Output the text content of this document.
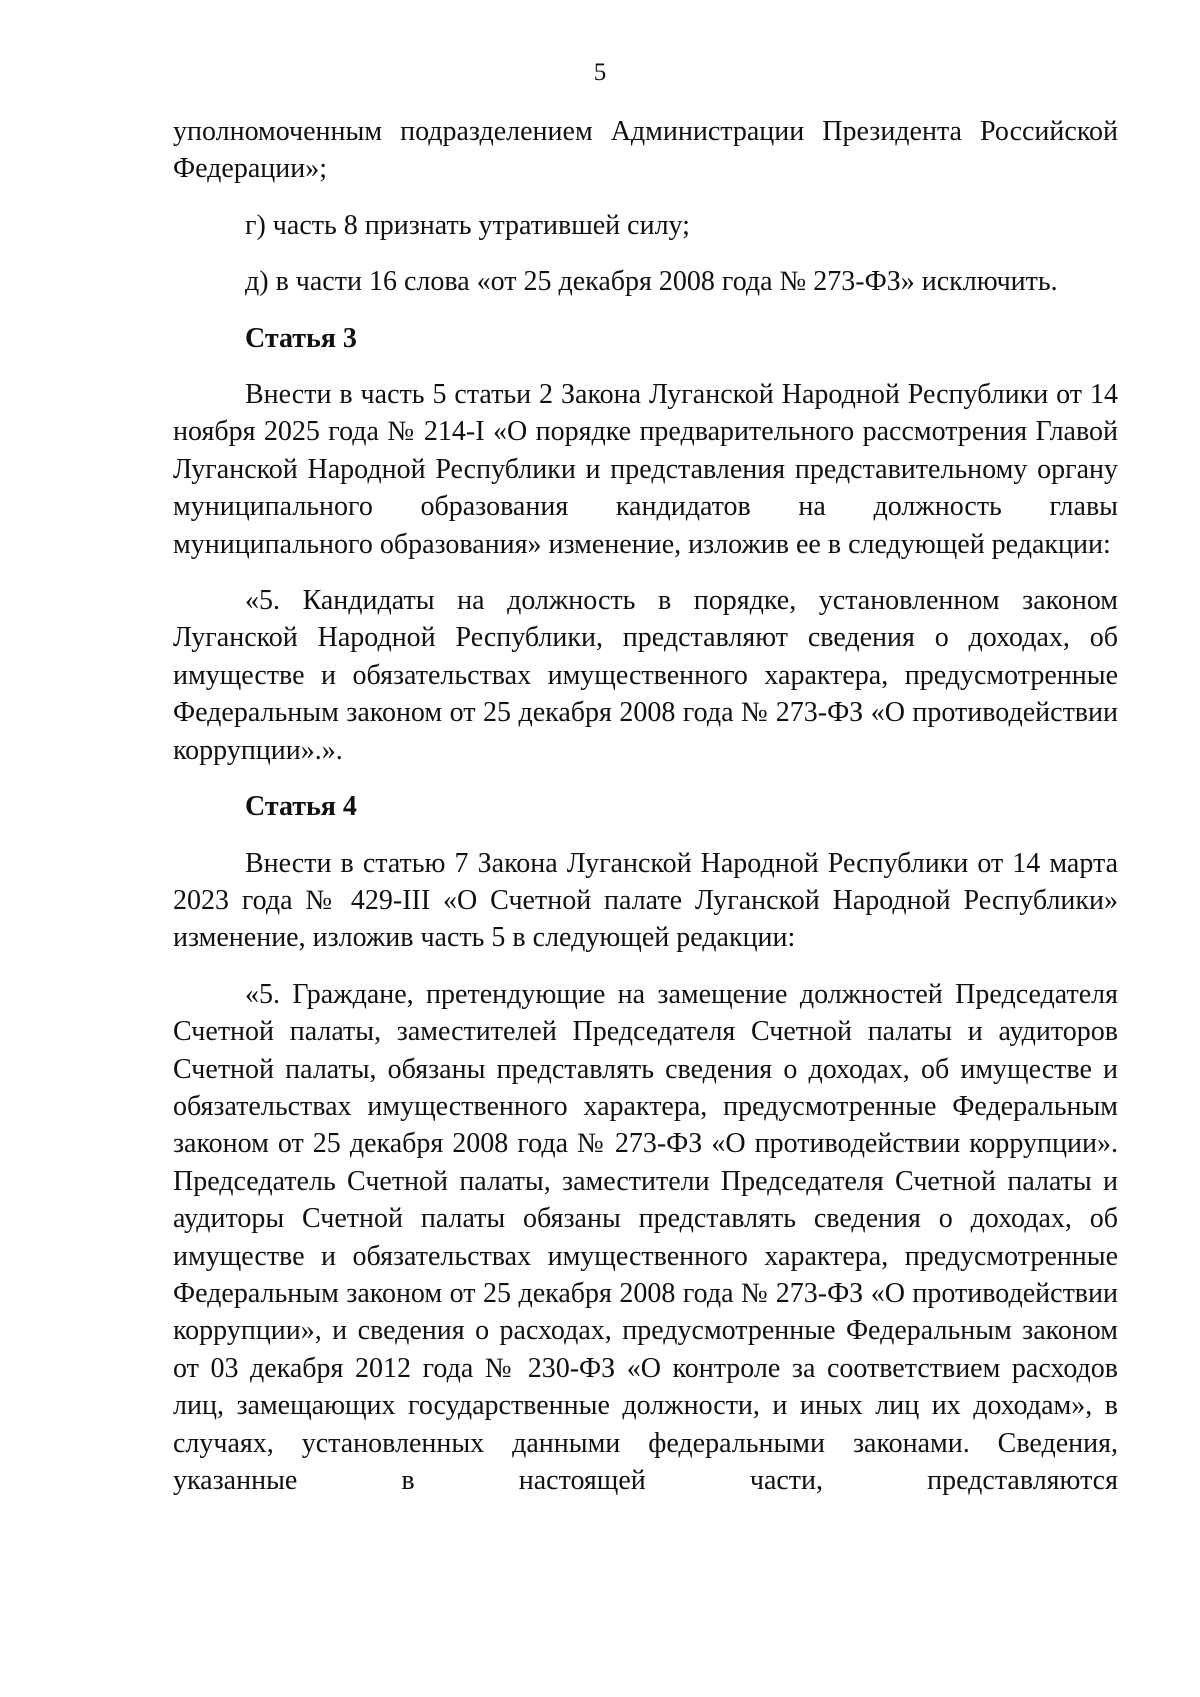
5

уполномоченным подразделением Администрации Президента Российской Федерации»;

г) часть 8 признать утратившей силу;

д) в части 16 слова «от 25 декабря 2008 года № 273-ФЗ» исключить.

Статья 3

Внести в часть 5 статьи 2 Закона Луганской Народной Республики от 14 ноября 2025 года № 214-I «О порядке предварительного рассмотрения Главой Луганской Народной Республики и представления представительному органу муниципального образования кандидатов на должность главы муниципального образования» изменение, изложив ее в следующей редакции:

«5. Кандидаты на должность в порядке, установленном законом Луганской Народной Республики, представляют сведения о доходах, об имуществе и обязательствах имущественного характера, предусмотренные Федеральным законом от 25 декабря 2008 года № 273-ФЗ «О противодействии коррупции».».

Статья 4

Внести в статью 7 Закона Луганской Народной Республики от 14 марта 2023 года № 429-III «О Счетной палате Луганской Народной Республики» изменение, изложив часть 5 в следующей редакции:

«5. Граждане, претендующие на замещение должностей Председателя Счетной палаты, заместителей Председателя Счетной палаты и аудиторов Счетной палаты, обязаны представлять сведения о доходах, об имуществе и обязательствах имущественного характера, предусмотренные Федеральным законом от 25 декабря 2008 года № 273-ФЗ «О противодействии коррупции». Председатель Счетной палаты, заместители Председателя Счетной палаты и аудиторы Счетной палаты обязаны представлять сведения о доходах, об имуществе и обязательствах имущественного характера, предусмотренные Федеральным законом от 25 декабря 2008 года № 273-ФЗ «О противодействии коррупции», и сведения о расходах, предусмотренные Федеральным законом от 03 декабря 2012 года № 230-ФЗ «О контроле за соответствием расходов лиц, замещающих государственные должности, и иных лиц их доходам», в случаях, установленных данными федеральными законами. Сведения, указанные в настоящей части, представляются
